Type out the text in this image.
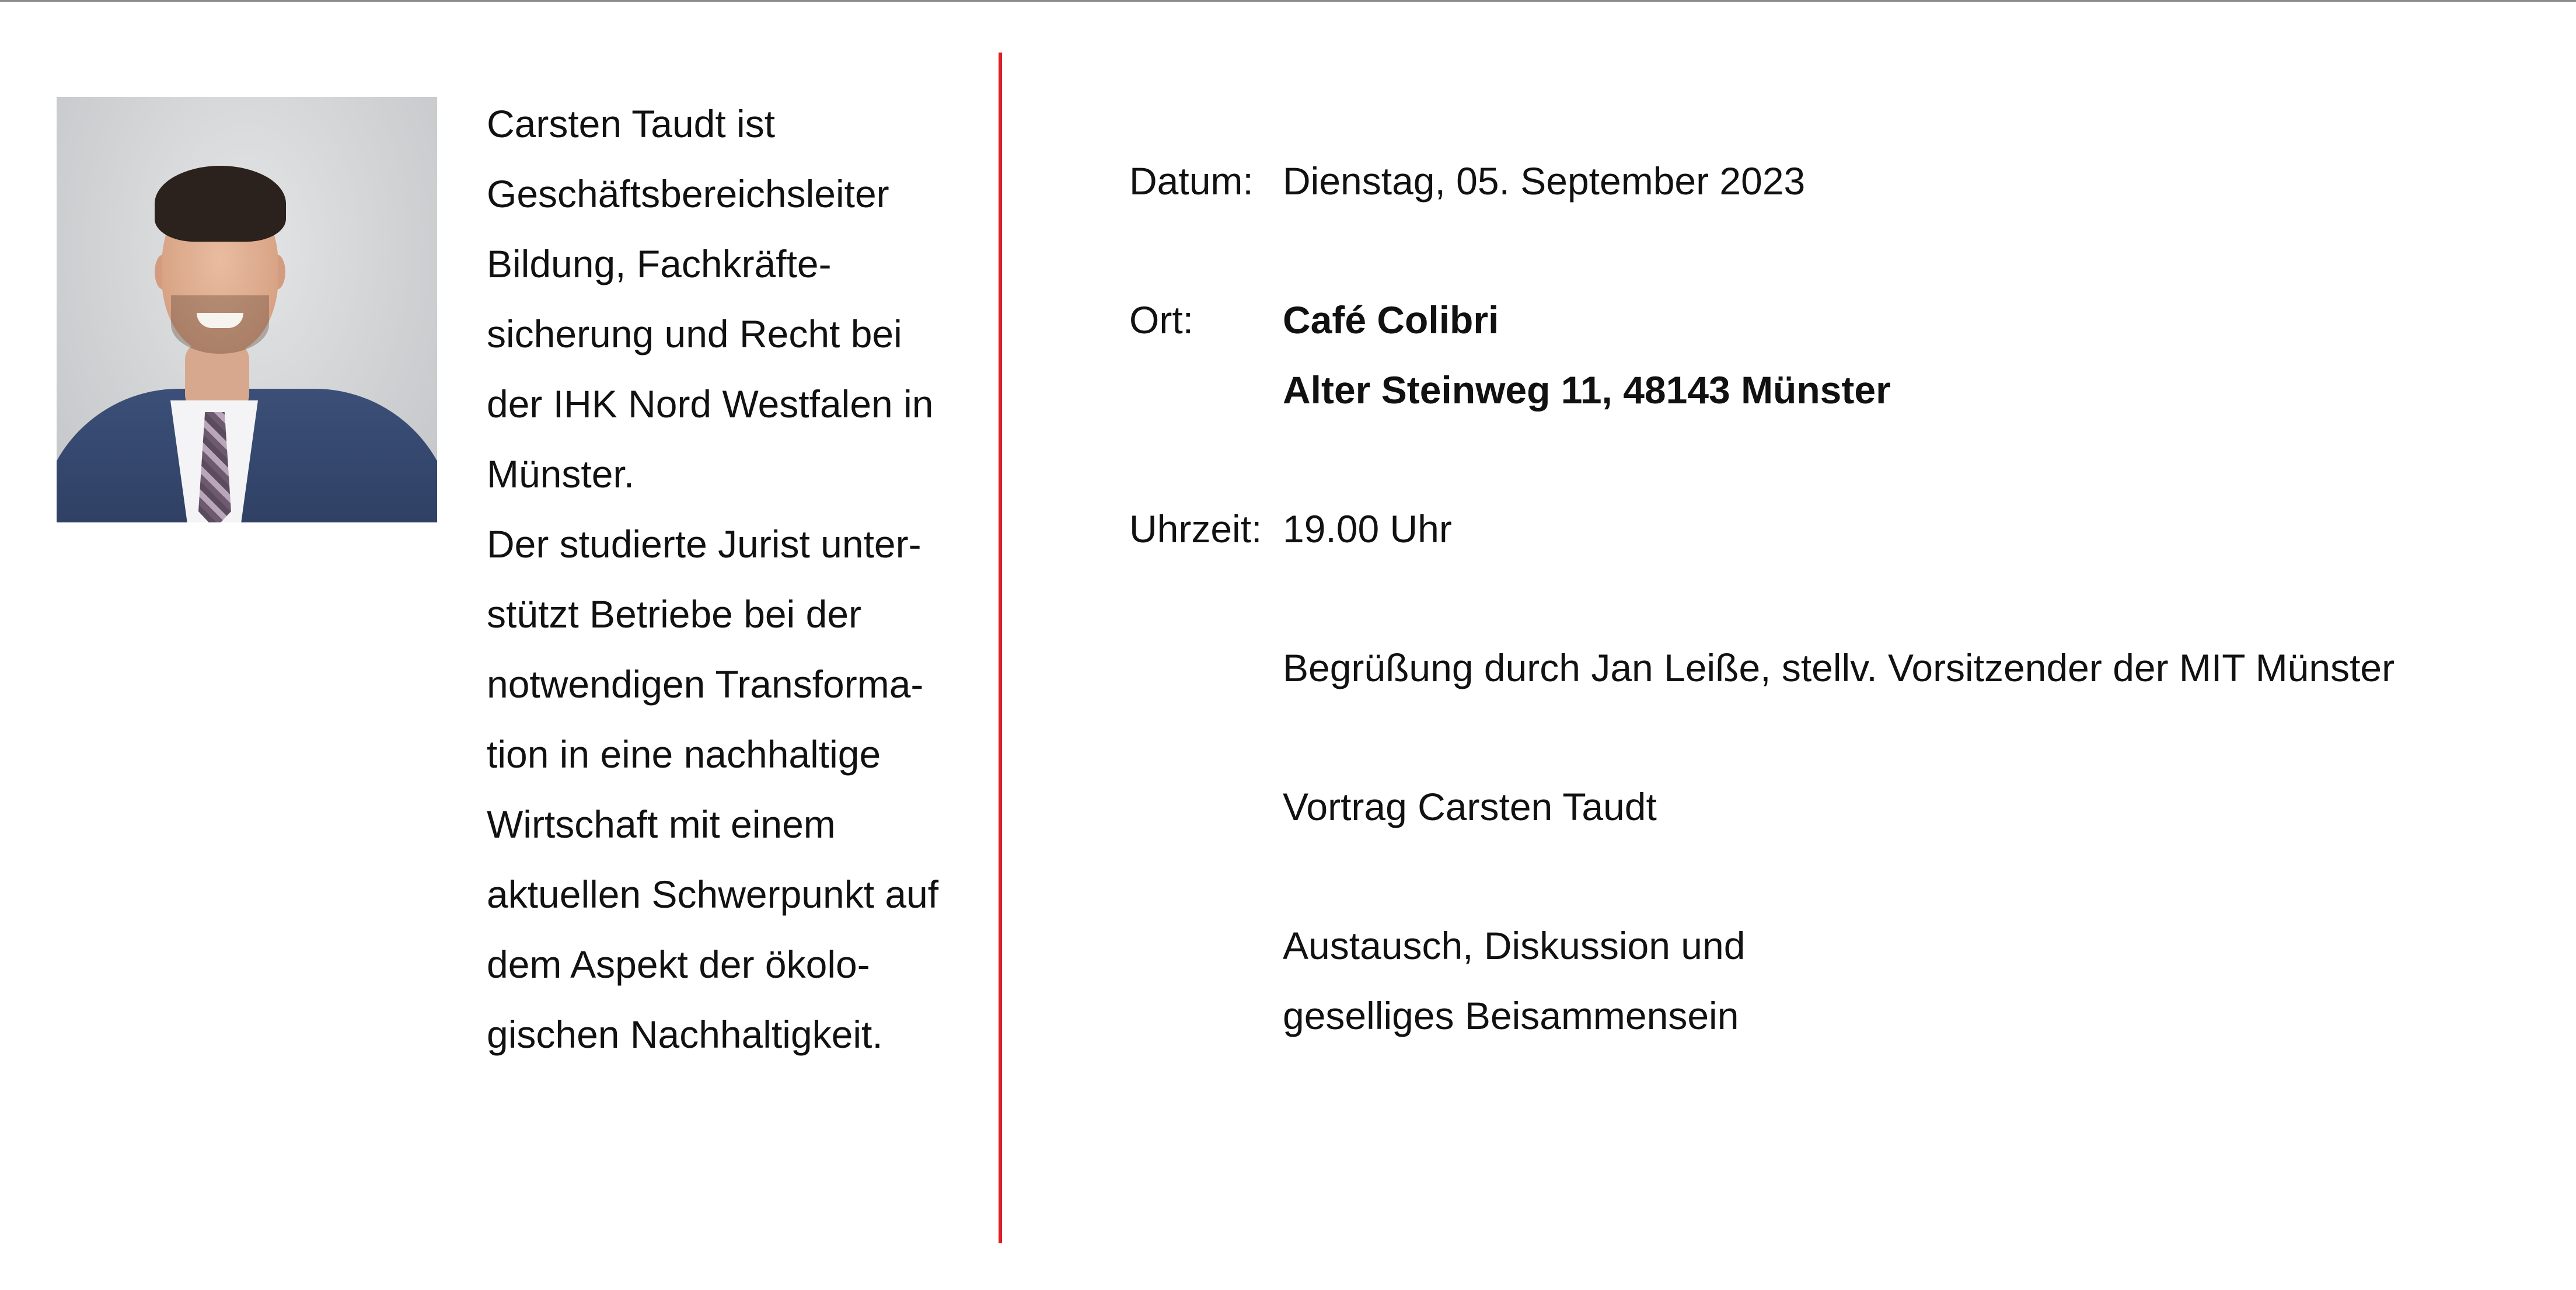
Carsten Taudt ist
Geschäftsbereichsleiter
Bildung, Fachkräfte-
sicherung und Recht bei
der IHK Nord Westfalen in
Münster.
Der studierte Jurist unter-
stützt Betriebe bei der
notwendigen Transforma-
tion in eine nachhaltige
Wirtschaft mit einem
aktuellen Schwerpunkt auf
dem Aspekt der ökolo-
gischen Nachhaltigkeit.

Datum: Dienstag, 05. September 2023
Ort: Café Colibri
Alter Steinweg 11, 48143 Münster
Uhrzeit: 19.00 Uhr
Begrüßung durch Jan Leiße, stellv. Vorsitzender der MIT Münster
Vortrag Carsten Taudt
Austausch, Diskussion und
geselliges Beisammensein
